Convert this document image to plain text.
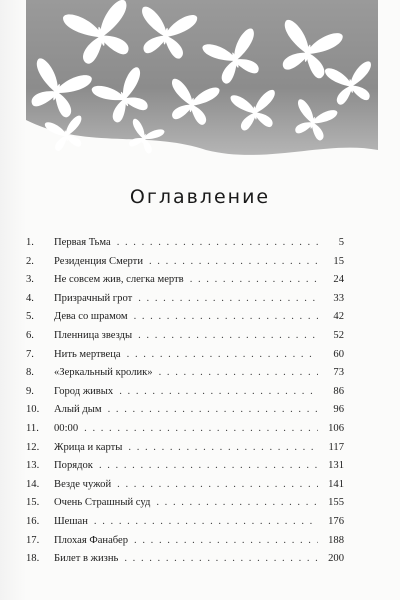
Оглавление
1.	Первая Тьма . . .	5
2.	Резиденция Смерти . . .	15
3.	Не совсем жив, слегка мертв . . .	24
4.	Призрачный грот . . .	33
5.	Дева со шрамом . . .	42
6.	Пленница звезды . . .	52
7.	Нить мертвеца . . .	60
8.	«Зеркальный кролик» . . .	73
9.	Город живых . . .	86
10.	Алый дым . . .	96
11.	00:00 . . .	106
12.	Жрица и карты . . .	117
13.	Порядок . . .	131
14.	Везде чужой . . .	141
15.	Очень Страшный суд . . .	155
16.	Шешан . . .	176
17.	Плохая Фанабер . . .	188
18.	Билет в жизнь . . .	200
